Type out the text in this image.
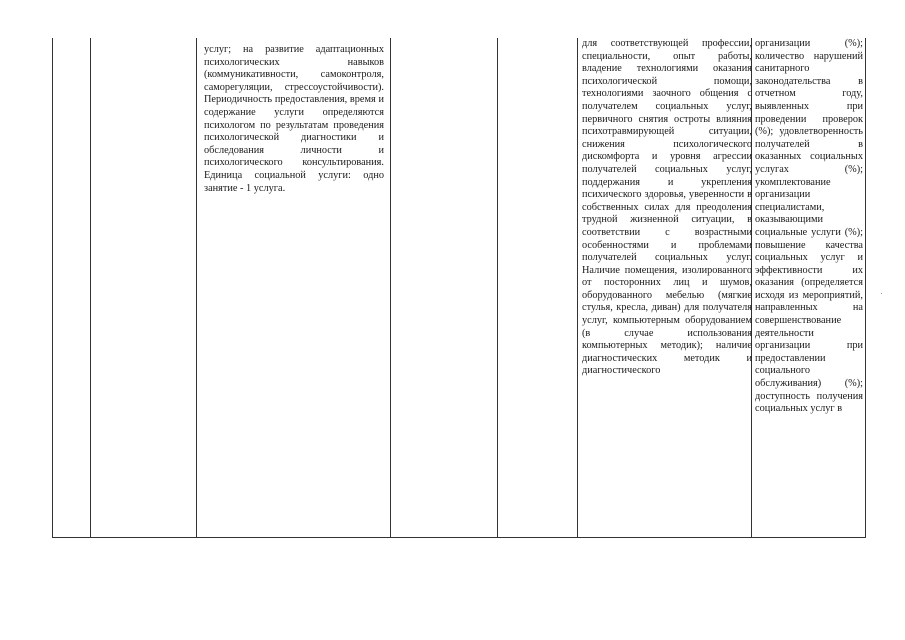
услуг; на развитие адаптационных психологических навыков (коммуникативности, самоконтроля, саморегуляции, стрессоустойчивости). Периодичность предоставления, время и содержание услуги определяются психологом по результатам проведения психологической диагностики и обследования личности и психологического консультирования. Единица социальной услуги: одно занятие - 1 услуга.

для соответствующей профессии, специальности, опыт работы, владение технологиями оказания психологической помощи, технологиями заочного общения с получателем социальных услуг, первичного снятия остроты влияния психотравмирующей ситуации, снижения психологического дискомфорта и уровня агрессии получателей социальных услуг, поддержания и укрепления психического здоровья, уверенности в собственных силах для преодоления трудной жизненной ситуации, в соответствии с возрастными особенностями и проблемами получателей социальных услуг. Наличие помещения, изолированного от посторонних лиц и шумов, оборудованного мебелью (мягкие стулья, кресла, диван) для получателя услуг, компьютерным оборудованием (в случае использования компьютерных методик); наличие диагностических методик и диагностического

организации (%); количество нарушений санитарного законодательства в отчетном году, выявленных при проведении проверок (%); удовлетворенность получателей в оказанных социальных услугах (%); укомплектование организации специалистами, оказывающими социальные услуги (%); повышение качества социальных услуг и эффективности их оказания (определяется исходя из мероприятий, направленных на совершенствование деятельности организации при предоставлении социального обслуживания) (%); доступность получения социальных услуг в
